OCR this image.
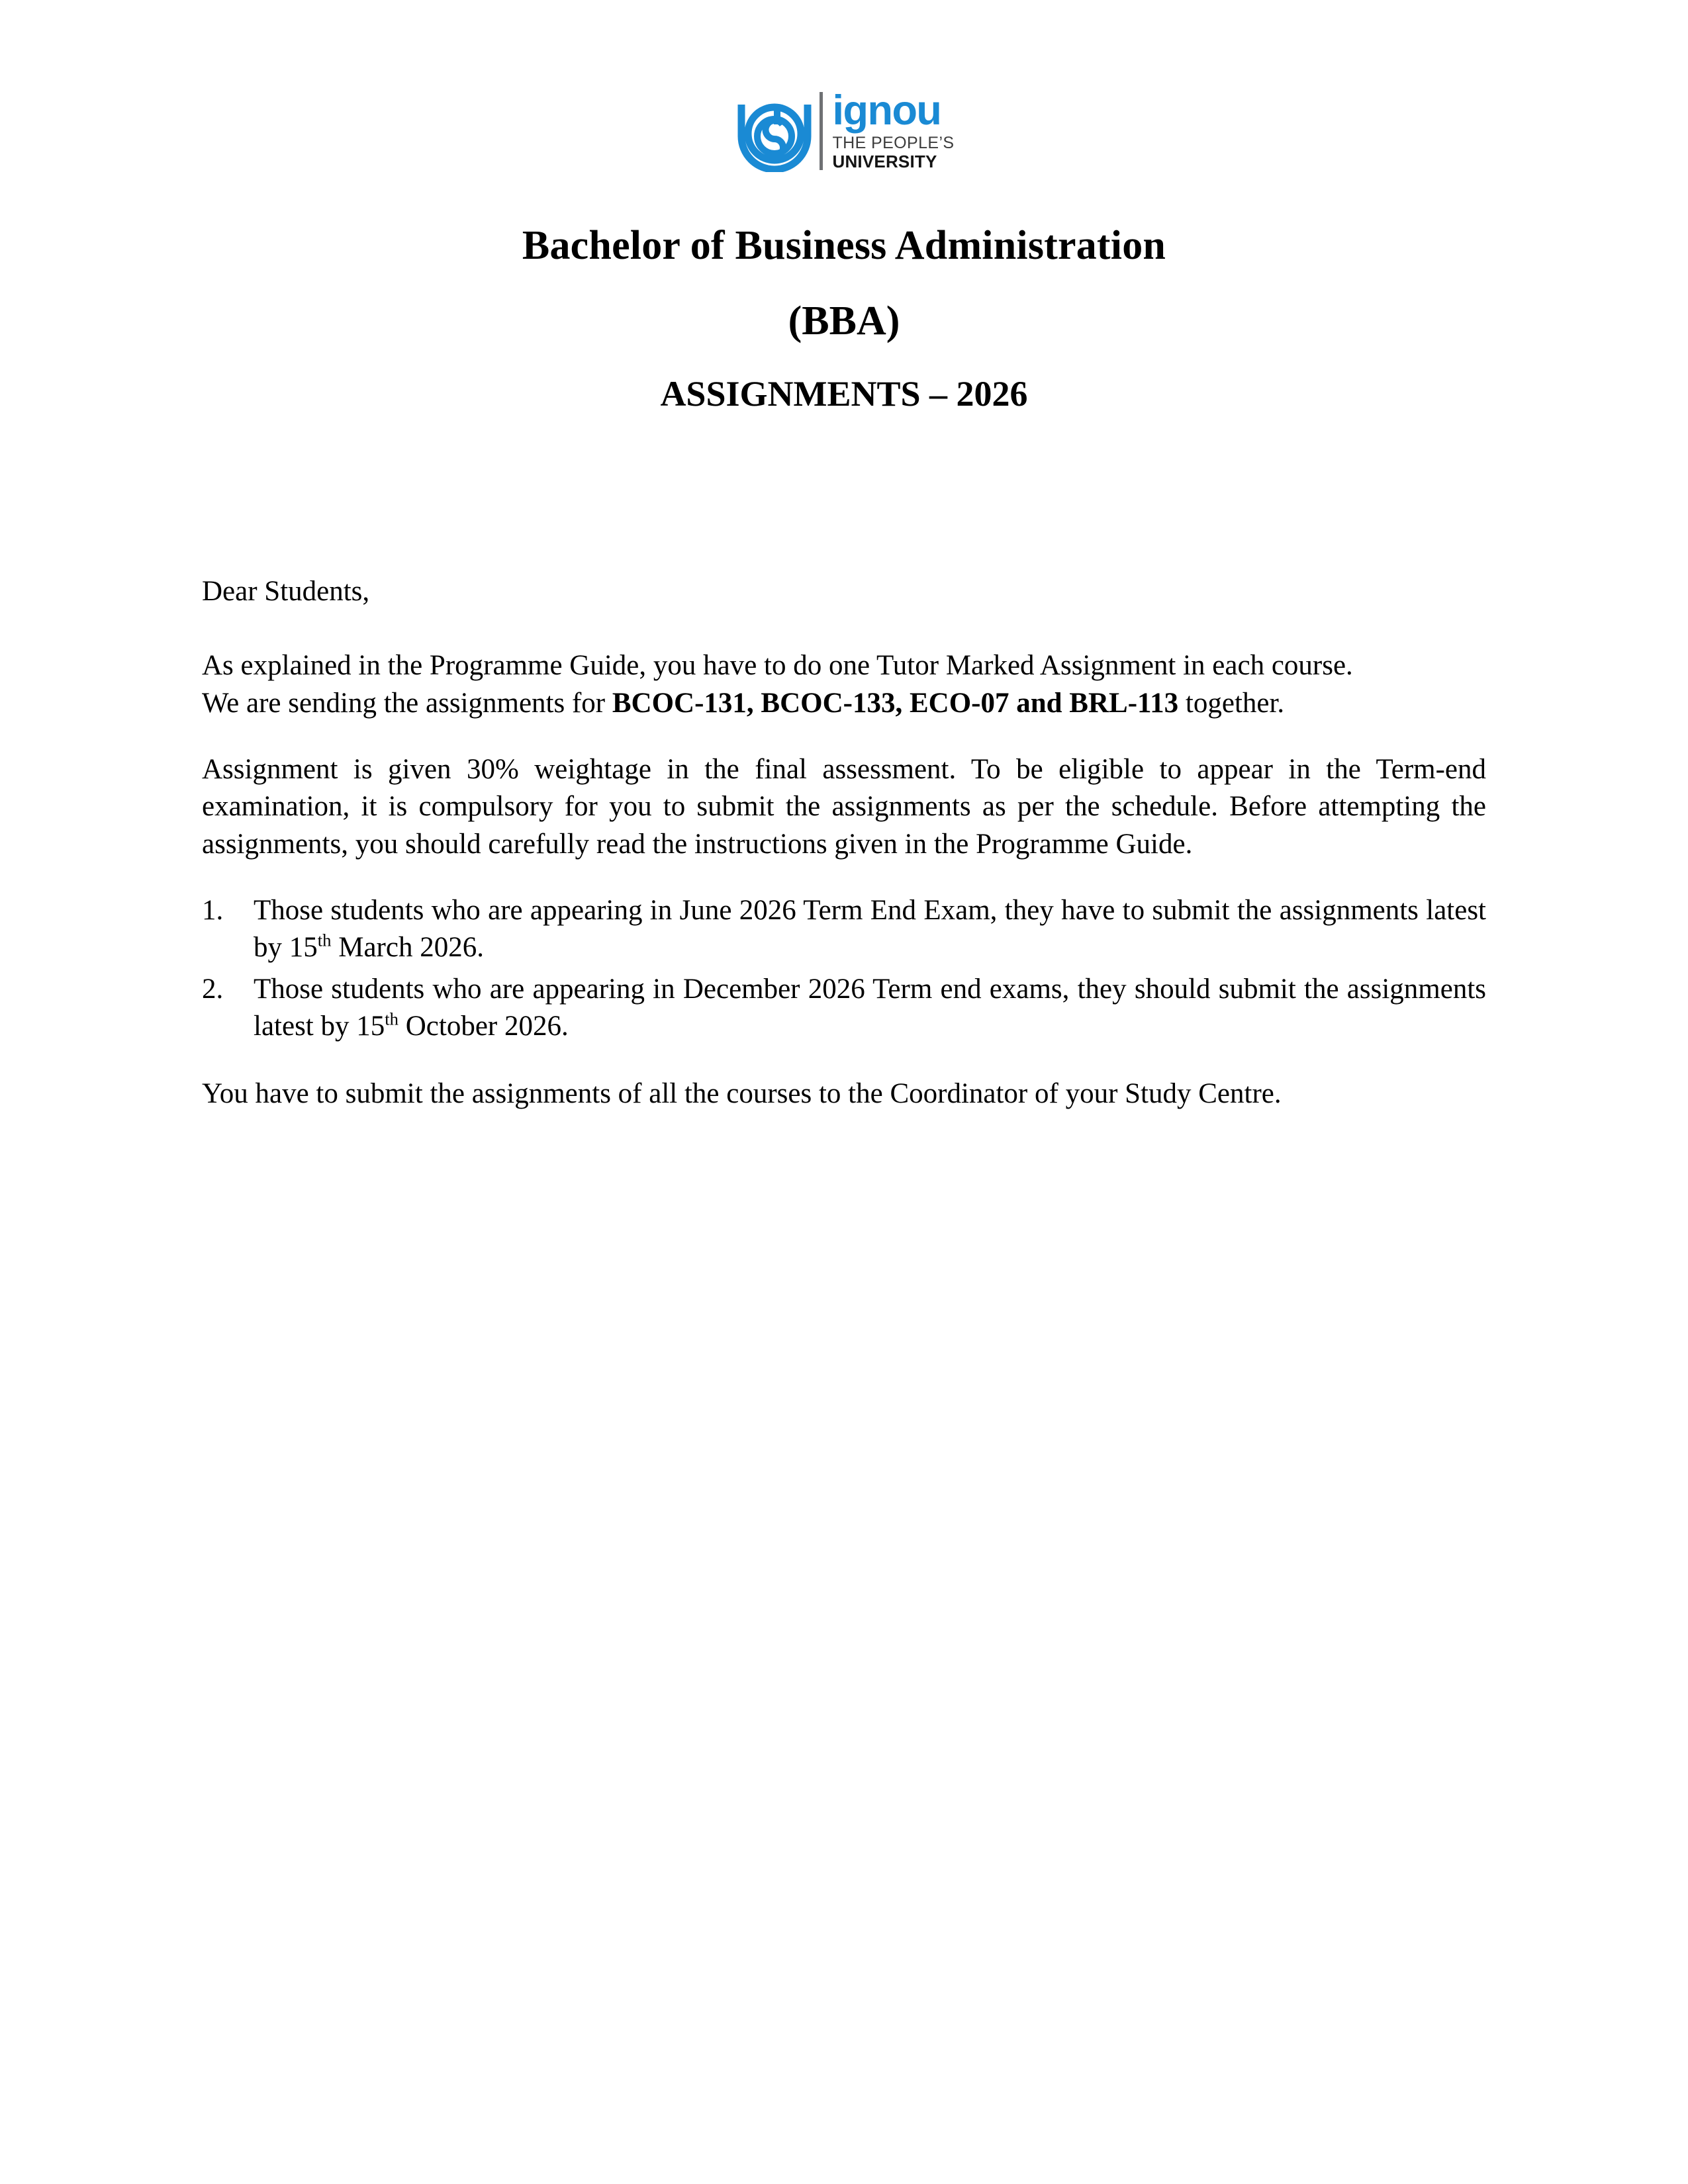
ignou
THE PEOPLE’S
UNIVERSITY
Bachelor of Business Administration
(BBA)
ASSIGNMENTS – 2026

Dear Students,

As explained in the Programme Guide, you have to do one Tutor Marked Assignment in each course.

We are sending the assignments for BCOC-131, BCOC-133, ECO-07 and BRL-113 together.

Assignment is given 30% weightage in the final assessment. To be eligible to appear in the Term-end examination, it is compulsory for you to submit the assignments as per the schedule. Before attempting the assignments, you should carefully read the instructions given in the Programme Guide.

1.	Those students who are appearing in June 2026 Term End Exam, they have to submit the assignments latest by 15th March 2026.
2.	Those students who are appearing in December 2026 Term end exams, they should submit the assignments latest by 15th October 2026.

You have to submit the assignments of all the courses to the Coordinator of your Study Centre.
